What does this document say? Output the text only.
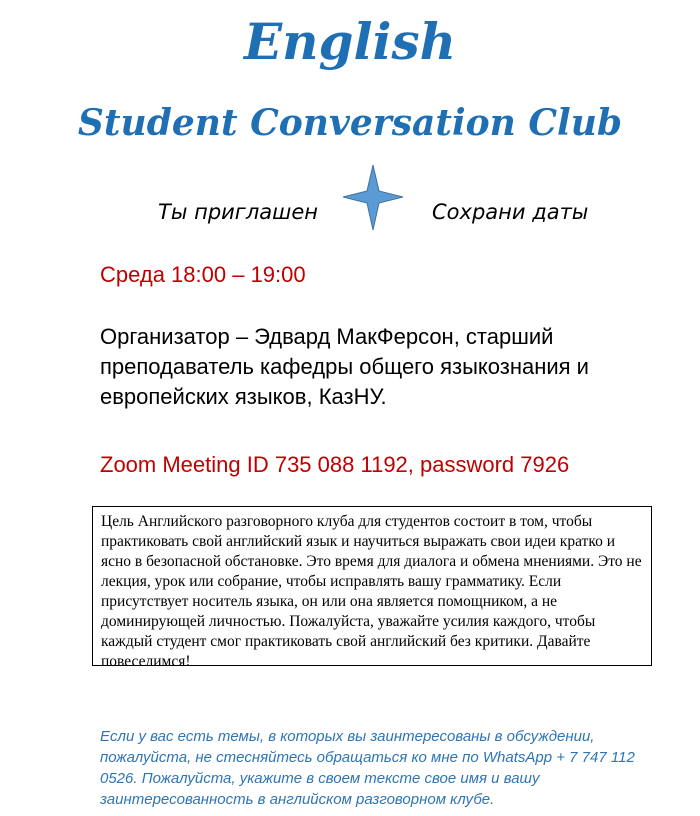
English
Student Conversation Club
Ты приглашен	Сохрани даты
Среда 18:00 – 19:00
Организатор – Эдвард МакФерсон, старший преподаватель кафедры общего языкознания и европейских языков, КазНУ.
Zoom Meeting ID 735 088 1192, password 7926
Цель Английского разговорного клуба для студентов состоит в том, чтобы практиковать свой английский язык и научиться выражать свои идеи кратко и ясно в безопасной обстановке. Это время для диалога и обмена мнениями. Это не лекция, урок или собрание, чтобы исправлять вашу грамматику. Если присутствует носитель языка, он или она является помощником, а не доминирующей личностью. Пожалуйста, уважайте усилия каждого, чтобы каждый студент смог практиковать свой английский без критики. Давайте повеселимся!
Если у вас есть темы, в которых вы заинтересованы в обсуждении, пожалуйста, не стесняйтесь обращаться ко мне по WhatsApp + 7 747 112 0526. Пожалуйста, укажите в своем тексте свое имя и вашу заинтересованность в английском разговорном клубе.
